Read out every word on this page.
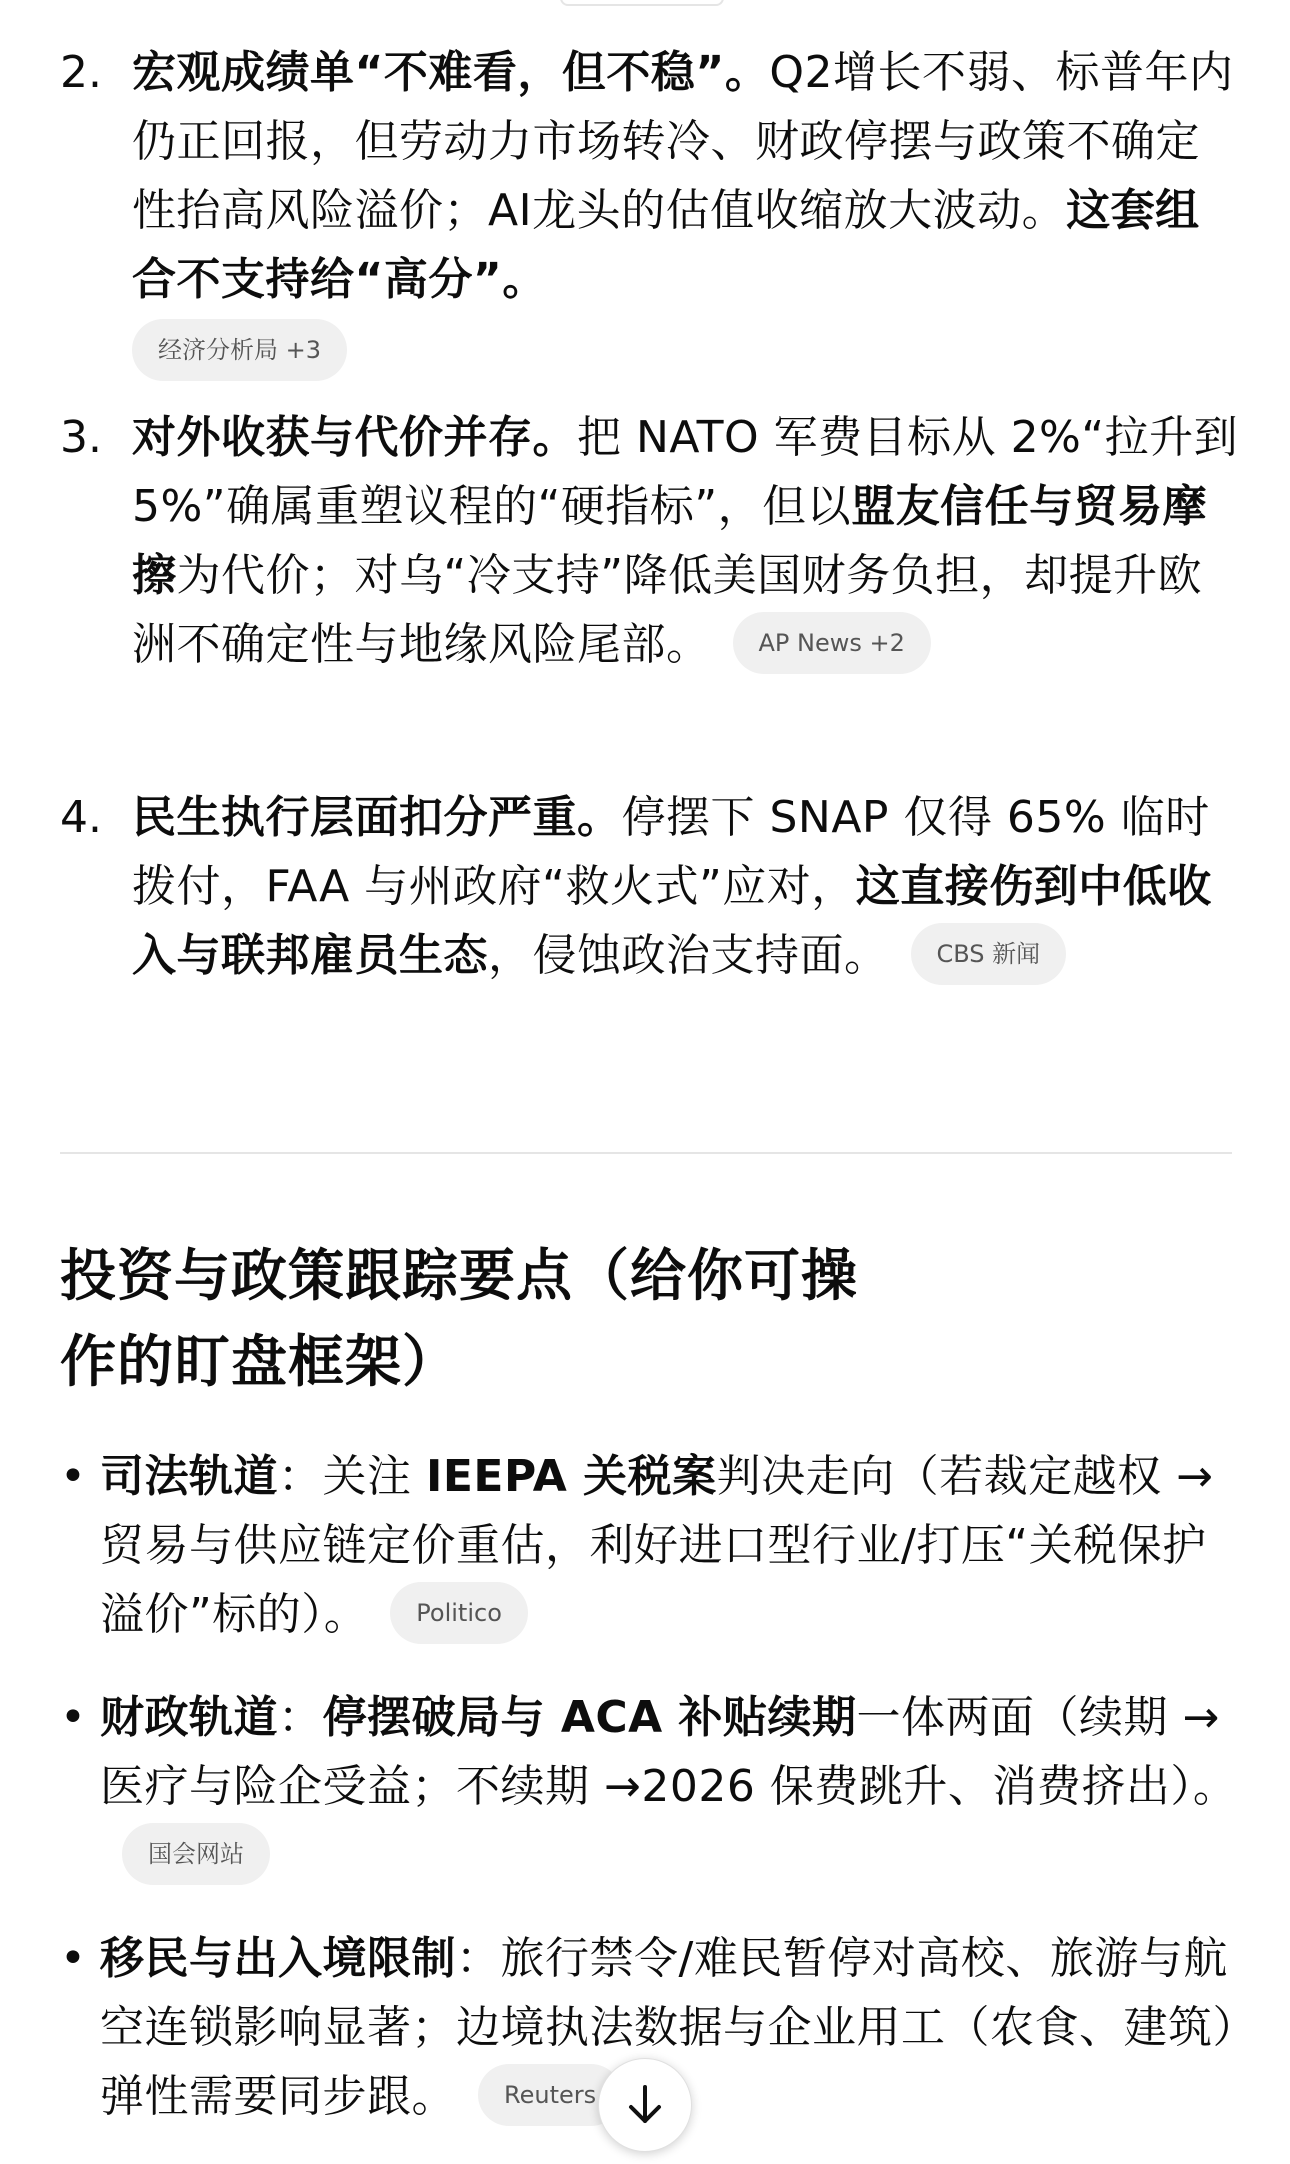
2. 宏观成绩单“不难看，但不稳”。Q2增长不弱、标普年内仍正回报，但劳动力市场转冷、财政停摆与政策不确定性抬高风险溢价；AI龙头的估值收缩放大波动。这套组合不支持给“高分”。
经济分析局 +3
3. 对外收获与代价并存。把 NATO 军费目标从 2%“拉升到 5%”确属重塑议程的“硬指标”，但以盟友信任与贸易摩擦为代价；对乌“冷支持”降低美国财务负担，却提升欧洲不确定性与地缘风险尾部。 AP News +2
4. 民生执行层面扣分严重。停摆下 SNAP 仅得 65% 临时拨付，FAA 与州政府“救火式”应对，这直接伤到中低收入与联邦雇员生态，侵蚀政治支持面。 CBS 新闻
投资与政策跟踪要点（给你可操作的盯盘框架）
• 司法轨道：关注 IEEPA 关税案判决走向（若裁定越权 → 贸易与供应链定价重估，利好进口型行业/打压“关税保护溢价”标的）。 Politico
• 财政轨道：停摆破局与 ACA 补贴续期一体两面（续期 → 医疗与险企受益；不续期 →2026 保费跳升、消费挤出）。国会网站
• 移民与出入境限制：旅行禁令/难民暂停对高校、旅游与航空连锁影响显著；边境执法数据与企业用工（农食、建筑）弹性需要同步跟。 Reuters
